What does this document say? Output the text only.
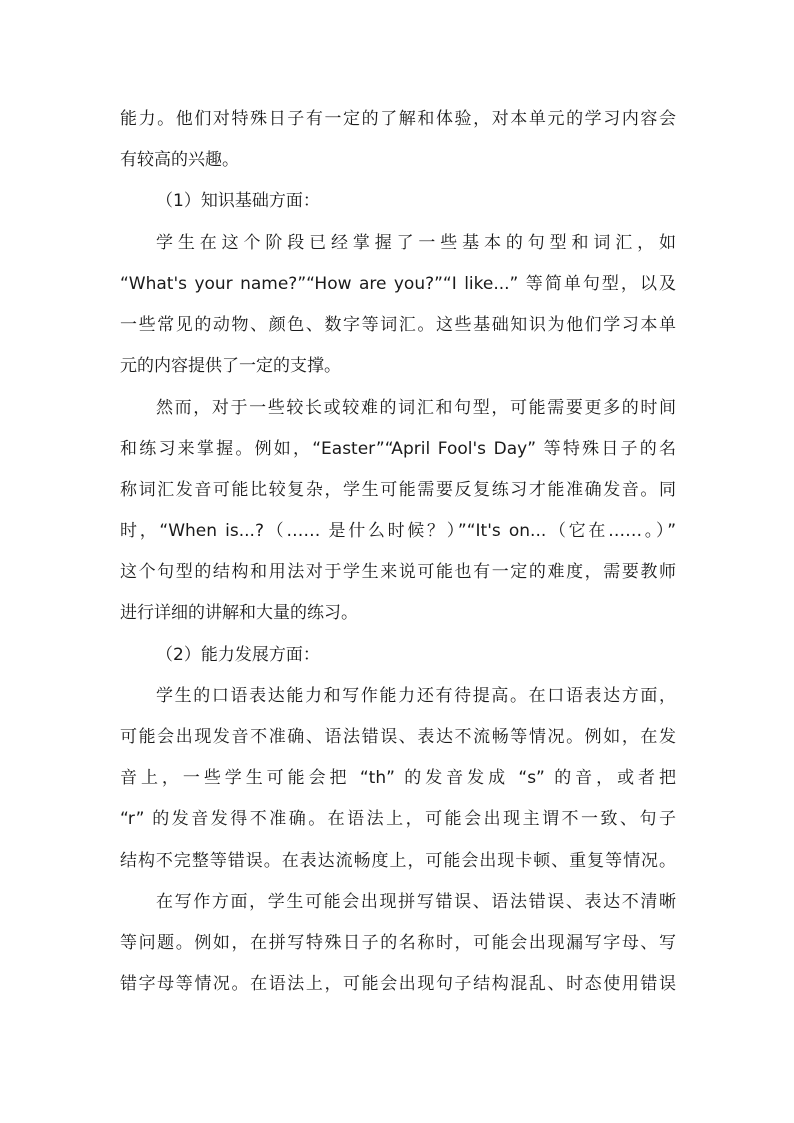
能力。他们对特殊日子有一定的了解和体验，对本单元的学习内容会
有较高的兴趣。
（1）知识基础方面：
学生在这个阶段已经掌握了一些基本的句型和词汇，如
“What's your name?”“How are you?”“I like...” 等简单句型，以及
一些常见的动物、颜色、数字等词汇。这些基础知识为他们学习本单
元的内容提供了一定的支撑。
然而，对于一些较长或较难的词汇和句型，可能需要更多的时间
和练习来掌握。例如，“Easter”“April Fool's Day” 等特殊日子的名
称词汇发音可能比较复杂，学生可能需要反复练习才能准确发音。同
时，“When is...?（…… 是什么时候？）”“It's on...（它在……。）”
这个句型的结构和用法对于学生来说可能也有一定的难度，需要教师
进行详细的讲解和大量的练习。
（2）能力发展方面：
学生的口语表达能力和写作能力还有待提高。在口语表达方面，
可能会出现发音不准确、语法错误、表达不流畅等情况。例如，在发
音上，一些学生可能会把 “th” 的发音发成 “s” 的音，或者把
“r” 的发音发得不准确。在语法上，可能会出现主谓不一致、句子
结构不完整等错误。在表达流畅度上，可能会出现卡顿、重复等情况。
在写作方面，学生可能会出现拼写错误、语法错误、表达不清晰
等问题。例如，在拼写特殊日子的名称时，可能会出现漏写字母、写
错字母等情况。在语法上，可能会出现句子结构混乱、时态使用错误
